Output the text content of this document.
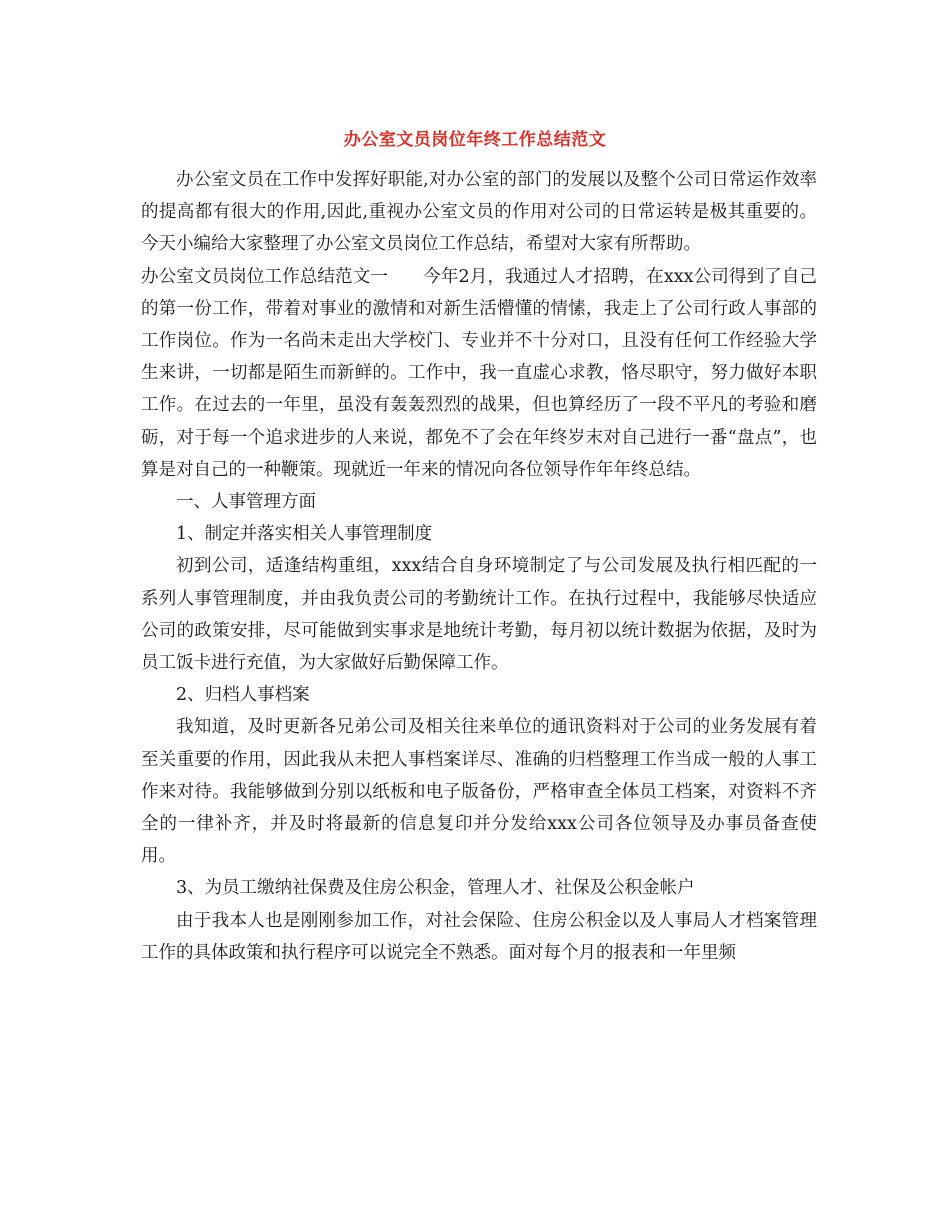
办公室文员岗位年终工作总结范文

办公室文员在工作中发挥好职能,对办公室的部门的发展以及整个公司日常运作效率的提高都有很大的作用,因此,重视办公室文员的作用对公司的日常运转是极其重要的。今天小编给大家整理了办公室文员岗位工作总结，希望对大家有所帮助。

办公室文员岗位工作总结范文一　　今年2月，我通过人才招聘，在xxx公司得到了自己的第一份工作，带着对事业的激情和对新生活懵懂的情愫，我走上了公司行政人事部的工作岗位。作为一名尚未走出大学校门、专业并不十分对口，且没有任何工作经验大学生来讲，一切都是陌生而新鲜的。工作中，我一直虚心求教，恪尽职守，努力做好本职工作。在过去的一年里，虽没有轰轰烈烈的战果，但也算经历了一段不平凡的考验和磨砺，对于每一个追求进步的人来说，都免不了会在年终岁末对自己进行一番“盘点”，也算是对自己的一种鞭策。现就近一年来的情况向各位领导作年年终总结。

一、人事管理方面

1、制定并落实相关人事管理制度

初到公司，适逢结构重组，xxx结合自身环境制定了与公司发展及执行相匹配的一系列人事管理制度，并由我负责公司的考勤统计工作。在执行过程中，我能够尽快适应公司的政策安排，尽可能做到实事求是地统计考勤，每月初以统计数据为依据，及时为员工饭卡进行充值，为大家做好后勤保障工作。

2、归档人事档案

我知道，及时更新各兄弟公司及相关往来单位的通讯资料对于公司的业务发展有着至关重要的作用，因此我从未把人事档案详尽、准确的归档整理工作当成一般的人事工作来对待。我能够做到分别以纸板和电子版备份，严格审查全体员工档案，对资料不齐全的一律补齐，并及时将最新的信息复印并分发给xxx公司各位领导及办事员备查使用。

3、为员工缴纳社保费及住房公积金，管理人才、社保及公积金帐户

由于我本人也是刚刚参加工作，对社会保险、住房公积金以及人事局人才档案管理工作的具体政策和执行程序可以说完全不熟悉。面对每个月的报表和一年里频
